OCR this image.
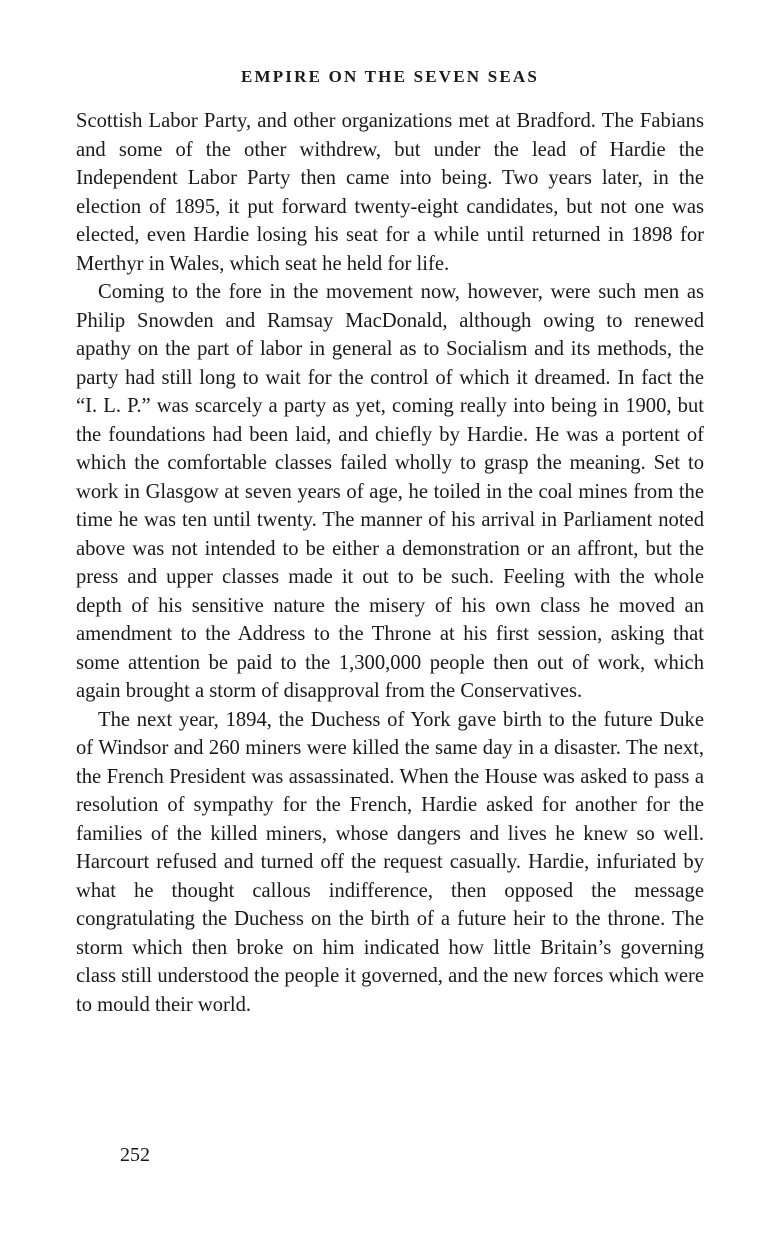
EMPIRE ON THE SEVEN SEAS

Scottish Labor Party, and other organizations met at Bradford. The Fabians and some of the other withdrew, but under the lead of Hardie the Independent Labor Party then came into being. Two years later, in the election of 1895, it put forward twenty-eight candidates, but not one was elected, even Hardie losing his seat for a while until returned in 1898 for Merthyr in Wales, which seat he held for life.

Coming to the fore in the movement now, however, were such men as Philip Snowden and Ramsay MacDonald, although owing to renewed apathy on the part of labor in general as to Socialism and its methods, the party had still long to wait for the control of which it dreamed. In fact the “I. L. P.” was scarcely a party as yet, coming really into being in 1900, but the foundations had been laid, and chiefly by Hardie. He was a portent of which the comfortable classes failed wholly to grasp the meaning. Set to work in Glasgow at seven years of age, he toiled in the coal mines from the time he was ten until twenty. The manner of his arrival in Parliament noted above was not intended to be either a demonstration or an affront, but the press and upper classes made it out to be such. Feeling with the whole depth of his sensitive nature the misery of his own class he moved an amendment to the Address to the Throne at his first session, asking that some attention be paid to the 1,300,000 people then out of work, which again brought a storm of disapproval from the Conservatives.

The next year, 1894, the Duchess of York gave birth to the future Duke of Windsor and 260 miners were killed the same day in a disaster. The next, the French President was assassinated. When the House was asked to pass a resolution of sympathy for the French, Hardie asked for another for the families of the killed miners, whose dangers and lives he knew so well. Harcourt refused and turned off the request casually. Hardie, infuriated by what he thought callous indifference, then opposed the message congratulating the Duchess on the birth of a future heir to the throne. The storm which then broke on him indicated how little Britain’s governing class still understood the people it governed, and the new forces which were to mould their world.

252
